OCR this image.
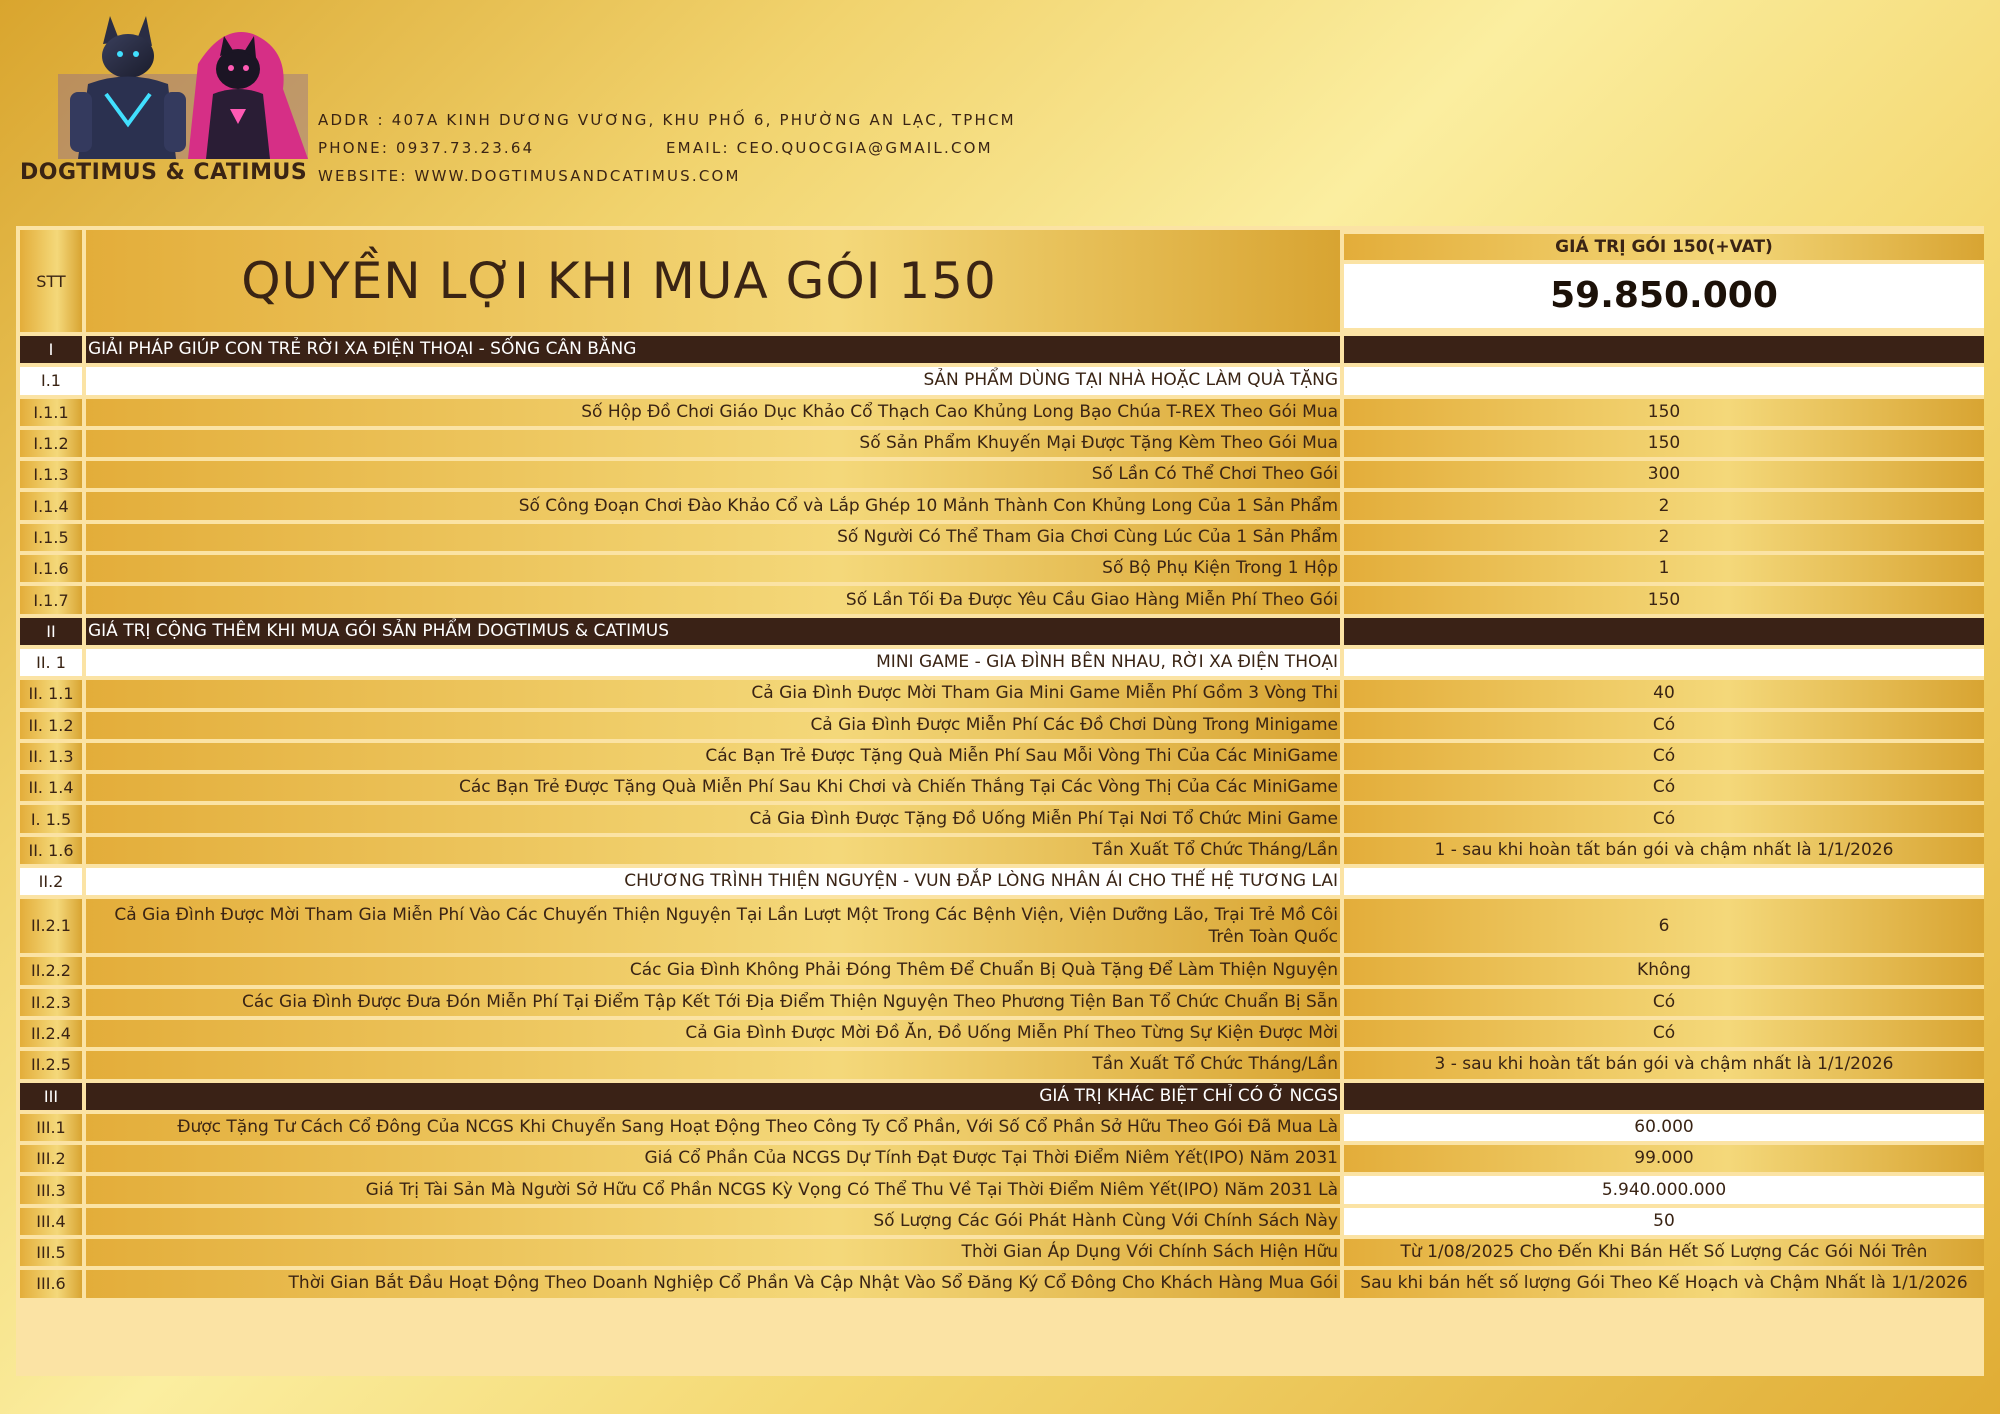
DOGTIMUS & CATIMUS
ADDR : 407A KINH DƯƠNG VƯƠNG, KHU PHỐ 6, PHƯỜNG AN LẠC, TPHCM
PHONE: 0937.73.23.64	EMAIL: CEO.QUOCGIA@GMAIL.COM
WEBSITE: WWW.DOGTIMUSANDCATIMUS.COM
STT	QUYỀN LỢI KHI MUA GÓI 150	
GIÁ TRỊ GÓI 150(+VAT)
59.850.000

I	GIẢI PHÁP GIÚP CON TRẺ RỜI XA ĐIỆN THOẠI - SỐNG CÂN BẰNG	
I.1	SẢN PHẨM DÙNG TẠI NHÀ HOẶC LÀM QUÀ TẶNG	
I.1.1	Số Hộp Đồ Chơi Giáo Dục Khảo Cổ Thạch Cao Khủng Long Bạo Chúa T-REX Theo Gói Mua	150
I.1.2	Số Sản Phẩm Khuyến Mại Được Tặng Kèm Theo Gói Mua	150
I.1.3	Số Lần Có Thể Chơi Theo Gói	300
I.1.4	Số Công Đoạn Chơi Đào Khảo Cổ và Lắp Ghép 10 Mảnh Thành Con Khủng Long Của 1 Sản Phẩm	2
I.1.5	Số Người Có Thể Tham Gia Chơi Cùng Lúc Của 1 Sản Phẩm	2
I.1.6	Số Bộ Phụ Kiện Trong 1 Hộp	1
I.1.7	Số Lần Tối Đa Được Yêu Cầu Giao Hàng Miễn Phí Theo Gói	150
II	GIÁ TRỊ CỘNG THÊM KHI MUA GÓI SẢN PHẨM DOGTIMUS & CATIMUS	
II. 1	MINI GAME - GIA ĐÌNH BÊN NHAU, RỜI XA ĐIỆN THOẠI	
II. 1.1	Cả Gia Đình Được Mời Tham Gia Mini Game Miễn Phí Gồm 3 Vòng Thi	40
II. 1.2	Cả Gia Đình Được Miễn Phí Các Đồ Chơi Dùng Trong Minigame	Có
II. 1.3	Các Bạn Trẻ Được Tặng Quà Miễn Phí Sau Mỗi Vòng Thi Của Các MiniGame	Có
II. 1.4	Các Bạn Trẻ Được Tặng Quà Miễn Phí Sau Khi Chơi và Chiến Thắng Tại Các Vòng Thị Của Các MiniGame	Có
I. 1.5	Cả Gia Đình Được Tặng Đồ Uống Miễn Phí Tại Nơi Tổ Chức Mini Game	Có
II. 1.6	Tần Xuất Tổ Chức Tháng/Lần	1 - sau khi hoàn tất bán gói và chậm nhất là 1/1/2026
II.2	CHƯƠNG TRÌNH THIỆN NGUYỆN - VUN ĐẮP LÒNG NHÂN ÁI CHO THẾ HỆ TƯƠNG LAI	
II.2.1	Cả Gia Đình Được Mời Tham Gia Miễn Phí Vào Các Chuyến Thiện Nguyện Tại Lần Lượt Một Trong Các Bệnh Viện, Viện Dưỡng Lão, Trại Trẻ Mồ Côi Trên Toàn Quốc	6
II.2.2	Các Gia Đình Không Phải Đóng Thêm Để Chuẩn Bị Quà Tặng Để Làm Thiện Nguyện	Không
II.2.3	Các Gia Đình Được Đưa Đón Miễn Phí Tại Điểm Tập Kết Tới Địa Điểm Thiện Nguyện Theo Phương Tiện Ban Tổ Chức Chuẩn Bị Sẵn	Có
II.2.4	Cả Gia Đình Được Mời Đồ Ăn, Đồ Uống Miễn Phí Theo Từng Sự Kiện Được Mời	Có
II.2.5	Tần Xuất Tổ Chức Tháng/Lần	3 - sau khi hoàn tất bán gói và chậm nhất là 1/1/2026
III	GIÁ TRỊ KHÁC BIỆT CHỈ CÓ Ở NCGS	
III.1	Được Tặng Tư Cách Cổ Đông Của NCGS Khi Chuyển Sang Hoạt Động Theo Công Ty Cổ Phần, Với Số Cổ Phần Sở Hữu Theo Gói Đã Mua Là	60.000
III.2	Giá Cổ Phần Của NCGS Dự Tính Đạt Được Tại Thời Điểm Niêm Yết(IPO) Năm 2031	99.000
III.3	Giá Trị Tài Sản Mà Người Sở Hữu Cổ Phần NCGS Kỳ Vọng Có Thể Thu Về Tại Thời Điểm Niêm Yết(IPO) Năm 2031 Là	5.940.000.000
III.4	Số Lượng Các Gói Phát Hành Cùng Với Chính Sách Này	50
III.5	Thời Gian Áp Dụng Với Chính Sách Hiện Hữu	Từ 1/08/2025 Cho Đến Khi Bán Hết Số Lượng Các Gói Nói Trên
III.6	Thời Gian Bắt Đầu Hoạt Động Theo Doanh Nghiệp Cổ Phần Và Cập Nhật Vào Sổ Đăng Ký Cổ Đông Cho Khách Hàng Mua Gói	Sau khi bán hết số lượng Gói Theo Kế Hoạch và Chậm Nhất là 1/1/2026
